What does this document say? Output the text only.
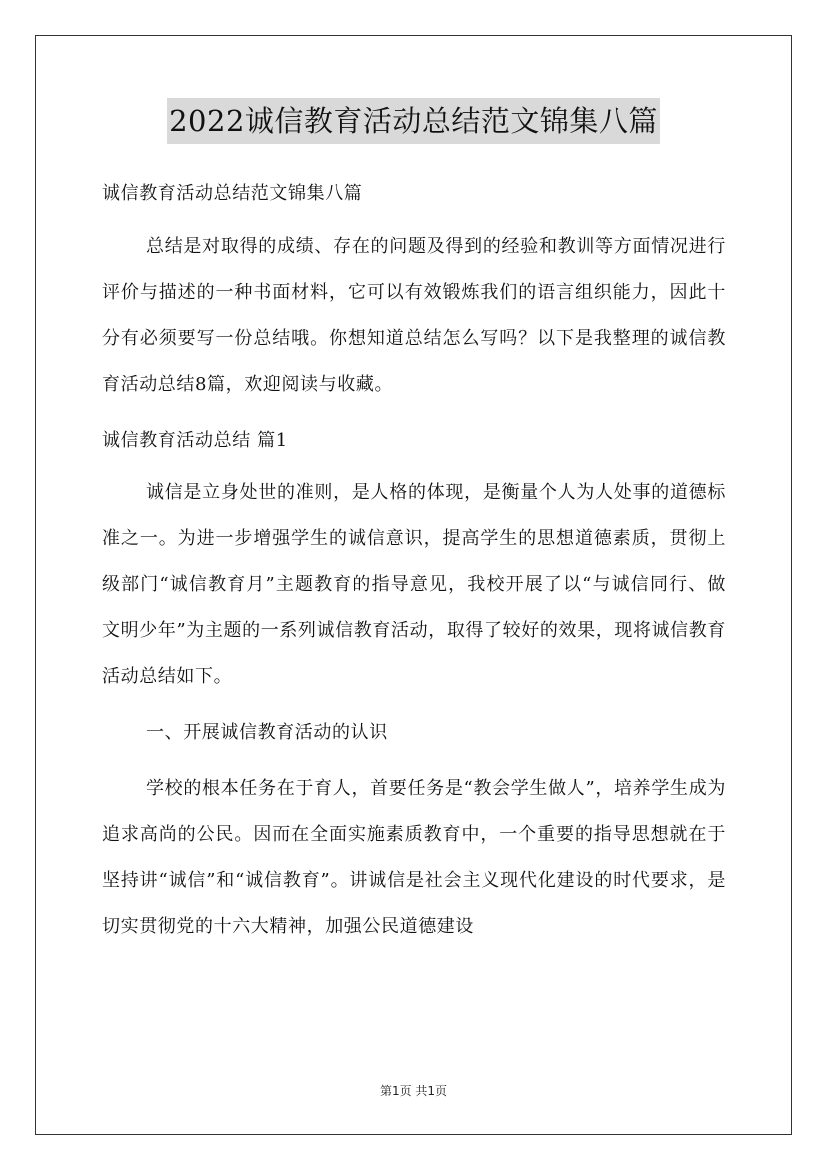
2022诚信教育活动总结范文锦集八篇

诚信教育活动总结范文锦集八篇

总结是对取得的成绩、存在的问题及得到的经验和教训等方面情况进行评价与描述的一种书面材料，它可以有效锻炼我们的语言组织能力，因此十分有必须要写一份总结哦。你想知道总结怎么写吗？以下是我整理的诚信教育活动总结8篇，欢迎阅读与收藏。

诚信教育活动总结 篇1

诚信是立身处世的准则，是人格的体现，是衡量个人为人处事的道德标准之一。为进一步增强学生的诚信意识，提高学生的思想道德素质，贯彻上级部门“诚信教育月”主题教育的指导意见，我校开展了以“与诚信同行、做文明少年”为主题的一系列诚信教育活动，取得了较好的效果，现将诚信教育活动总结如下。

一、开展诚信教育活动的认识

学校的根本任务在于育人，首要任务是“教会学生做人”，培养学生成为追求高尚的公民。因而在全面实施素质教育中，一个重要的指导思想就在于坚持讲“诚信”和“诚信教育”。讲诚信是社会主义现代化建设的时代要求，是切实贯彻党的十六大精神，加强公民道德建设

第1页 共1页
